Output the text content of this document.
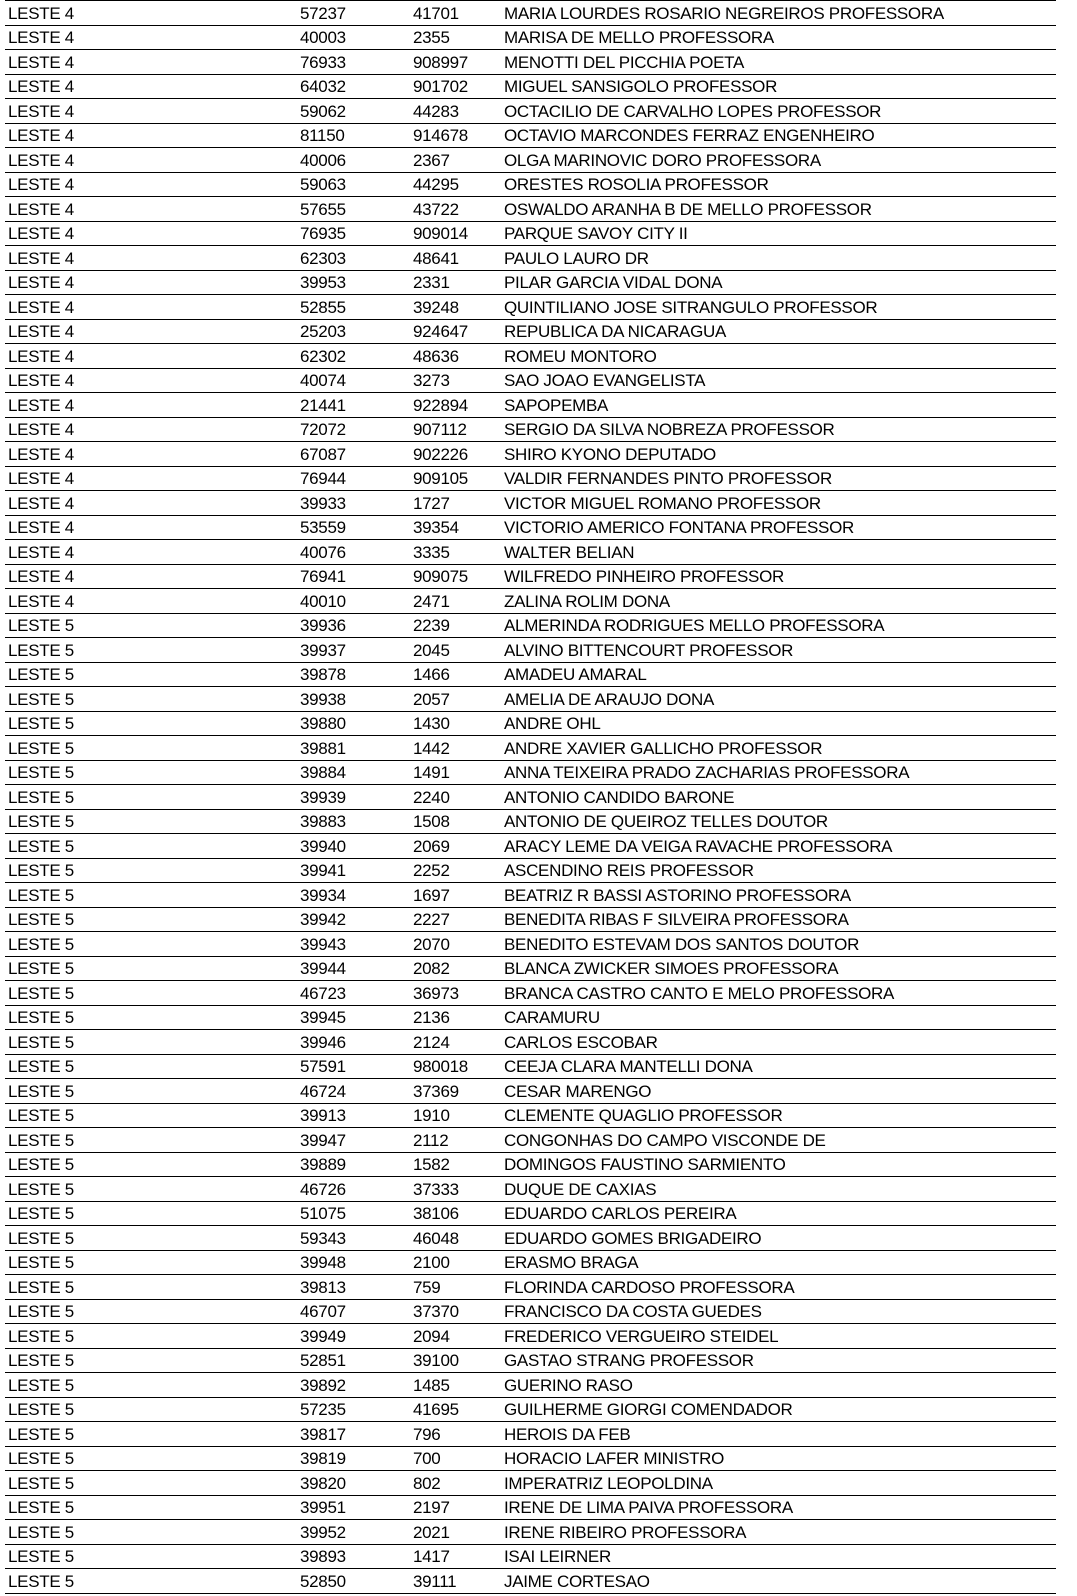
LESTE 4	57237	41701	MARIA LOURDES ROSARIO NEGREIROS PROFESSORA
LESTE 4	40003	2355	MARISA DE MELLO PROFESSORA
LESTE 4	76933	908997	MENOTTI DEL PICCHIA POETA
LESTE 4	64032	901702	MIGUEL SANSIGOLO PROFESSOR
LESTE 4	59062	44283	OCTACILIO DE CARVALHO LOPES PROFESSOR
LESTE 4	81150	914678	OCTAVIO MARCONDES FERRAZ ENGENHEIRO
LESTE 4	40006	2367	OLGA MARINOVIC DORO PROFESSORA
LESTE 4	59063	44295	ORESTES ROSOLIA PROFESSOR
LESTE 4	57655	43722	OSWALDO ARANHA B DE MELLO PROFESSOR
LESTE 4	76935	909014	PARQUE SAVOY CITY II
LESTE 4	62303	48641	PAULO LAURO DR
LESTE 4	39953	2331	PILAR GARCIA VIDAL DONA
LESTE 4	52855	39248	QUINTILIANO JOSE SITRANGULO PROFESSOR
LESTE 4	25203	924647	REPUBLICA DA NICARAGUA
LESTE 4	62302	48636	ROMEU MONTORO
LESTE 4	40074	3273	SAO JOAO EVANGELISTA
LESTE 4	21441	922894	SAPOPEMBA
LESTE 4	72072	907112	SERGIO DA SILVA NOBREZA PROFESSOR
LESTE 4	67087	902226	SHIRO KYONO DEPUTADO
LESTE 4	76944	909105	VALDIR FERNANDES PINTO PROFESSOR
LESTE 4	39933	1727	VICTOR MIGUEL ROMANO PROFESSOR
LESTE 4	53559	39354	VICTORIO AMERICO FONTANA PROFESSOR
LESTE 4	40076	3335	WALTER BELIAN
LESTE 4	76941	909075	WILFREDO PINHEIRO PROFESSOR
LESTE 4	40010	2471	ZALINA ROLIM DONA
LESTE 5	39936	2239	ALMERINDA RODRIGUES MELLO PROFESSORA
LESTE 5	39937	2045	ALVINO BITTENCOURT PROFESSOR
LESTE 5	39878	1466	AMADEU AMARAL
LESTE 5	39938	2057	AMELIA DE ARAUJO DONA
LESTE 5	39880	1430	ANDRE OHL
LESTE 5	39881	1442	ANDRE XAVIER GALLICHO PROFESSOR
LESTE 5	39884	1491	ANNA TEIXEIRA PRADO ZACHARIAS PROFESSORA
LESTE 5	39939	2240	ANTONIO CANDIDO BARONE
LESTE 5	39883	1508	ANTONIO DE QUEIROZ TELLES DOUTOR
LESTE 5	39940	2069	ARACY LEME DA VEIGA RAVACHE PROFESSORA
LESTE 5	39941	2252	ASCENDINO REIS PROFESSOR
LESTE 5	39934	1697	BEATRIZ R BASSI ASTORINO PROFESSORA
LESTE 5	39942	2227	BENEDITA RIBAS F SILVEIRA PROFESSORA
LESTE 5	39943	2070	BENEDITO ESTEVAM DOS SANTOS DOUTOR
LESTE 5	39944	2082	BLANCA ZWICKER SIMOES PROFESSORA
LESTE 5	46723	36973	BRANCA CASTRO CANTO E MELO PROFESSORA
LESTE 5	39945	2136	CARAMURU
LESTE 5	39946	2124	CARLOS ESCOBAR
LESTE 5	57591	980018	CEEJA CLARA MANTELLI DONA
LESTE 5	46724	37369	CESAR MARENGO
LESTE 5	39913	1910	CLEMENTE QUAGLIO PROFESSOR
LESTE 5	39947	2112	CONGONHAS DO CAMPO VISCONDE DE
LESTE 5	39889	1582	DOMINGOS FAUSTINO SARMIENTO
LESTE 5	46726	37333	DUQUE DE CAXIAS
LESTE 5	51075	38106	EDUARDO CARLOS PEREIRA
LESTE 5	59343	46048	EDUARDO GOMES BRIGADEIRO
LESTE 5	39948	2100	ERASMO BRAGA
LESTE 5	39813	759	FLORINDA CARDOSO PROFESSORA
LESTE 5	46707	37370	FRANCISCO DA COSTA GUEDES
LESTE 5	39949	2094	FREDERICO VERGUEIRO STEIDEL
LESTE 5	52851	39100	GASTAO STRANG PROFESSOR
LESTE 5	39892	1485	GUERINO RASO
LESTE 5	57235	41695	GUILHERME GIORGI COMENDADOR
LESTE 5	39817	796	HEROIS DA FEB
LESTE 5	39819	700	HORACIO LAFER MINISTRO
LESTE 5	39820	802	IMPERATRIZ LEOPOLDINA
LESTE 5	39951	2197	IRENE DE LIMA PAIVA PROFESSORA
LESTE 5	39952	2021	IRENE RIBEIRO PROFESSORA
LESTE 5	39893	1417	ISAI LEIRNER
LESTE 5	52850	39111	JAIME CORTESAO
